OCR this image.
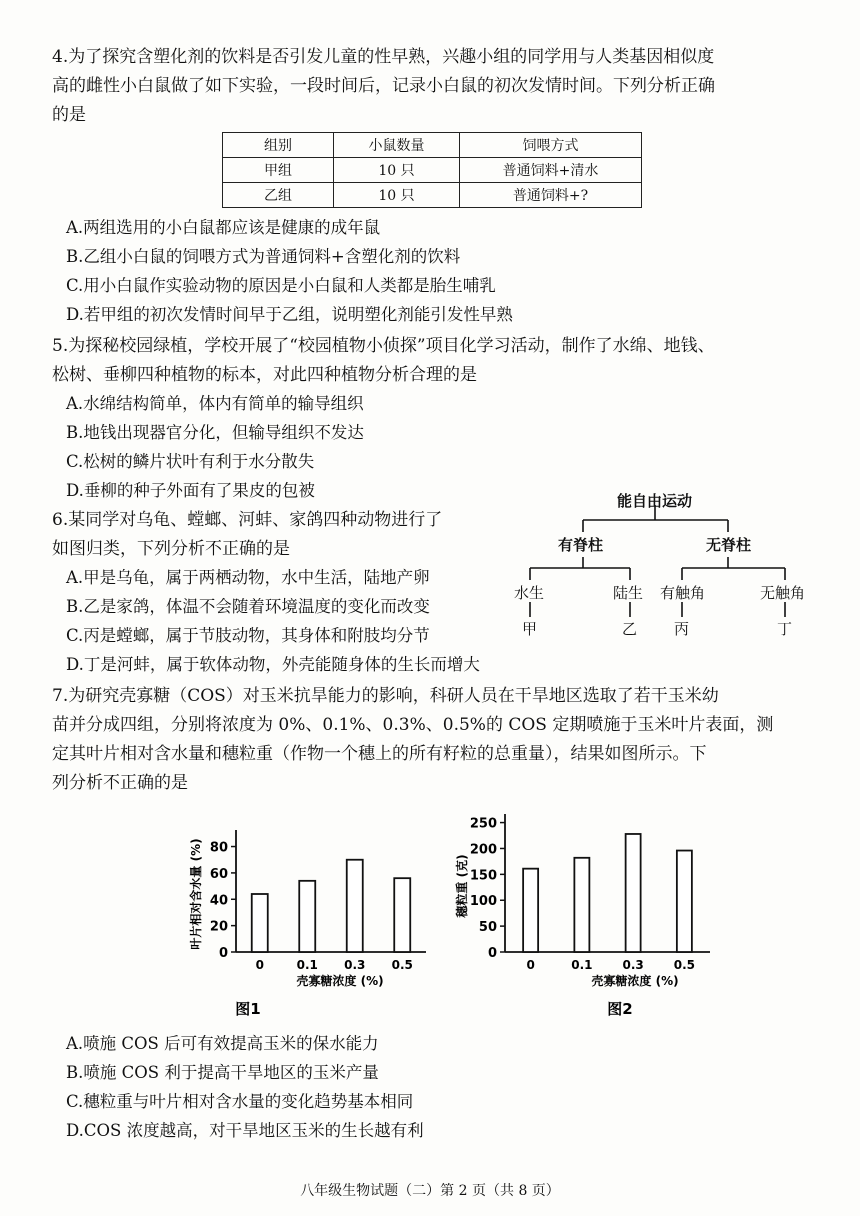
4.为了探究含塑化剂的饮料是否引发儿童的性早熟，兴趣小组的同学用与人类基因相似度
高的雌性小白鼠做了如下实验，一段时间后，记录小白鼠的初次发情时间。下列分析正确
的是
组别	小鼠数量	饲喂方式
甲组	10 只	普通饲料+清水
乙组	10 只	普通饲料+?
A.两组选用的小白鼠都应该是健康的成年鼠
B.乙组小白鼠的饲喂方式为普通饲料+含塑化剂的饮料
C.用小白鼠作实验动物的原因是小白鼠和人类都是胎生哺乳
D.若甲组的初次发情时间早于乙组，说明塑化剂能引发性早熟
5.为探秘校园绿植，学校开展了“校园植物小侦探”项目化学习活动，制作了水绵、地钱、
松树、垂柳四种植物的标本，对此四种植物分析合理的是
A.水绵结构简单，体内有简单的输导组织
B.地钱出现器官分化，但输导组织不发达
C.松树的鳞片状叶有利于水分散失
D.垂柳的种子外面有了果皮的包被
6.某同学对乌龟、螳螂、河蚌、家鸽四种动物进行了
如图归类，下列分析不正确的是
A.甲是乌龟，属于两栖动物，水中生活，陆地产卵
B.乙是家鸽，体温不会随着环境温度的变化而改变
C.丙是螳螂，属于节肢动物，其身体和附肢均分节
D.丁是河蚌，属于软体动物，外壳能随身体的生长而增大
能自由运动
有脊柱	无脊柱
水生	陆生 有触角	无触角
甲	乙 丙	丁
7.为研究壳寡糖（COS）对玉米抗旱能力的影响，科研人员在干旱地区选取了若干玉米幼
苗并分成四组，分别将浓度为 0%、0.1%、0.3%、0.5%的 COS 定期喷施于玉米叶片表面，测
定其叶片相对含水量和穗粒重（作物一个穗上的所有籽粒的总重量），结果如图所示。下
列分析不正确的是
0
20
40
60
80
0	0.1 0.3 0.5
壳寡糖浓度 (%)
叶片相对含水量 (%)
图1
0
50
100
150
200
250
0	0.1 0.3 0.5
壳寡糖浓度 (%)
穗粒重 (克)
图2
A.喷施 COS 后可有效提高玉米的保水能力
B.喷施 COS 利于提高干旱地区的玉米产量
C.穗粒重与叶片相对含水量的变化趋势基本相同
D.COS 浓度越高，对干旱地区玉米的生长越有利
八年级生物试题（二）第 2 页（共 8 页）
